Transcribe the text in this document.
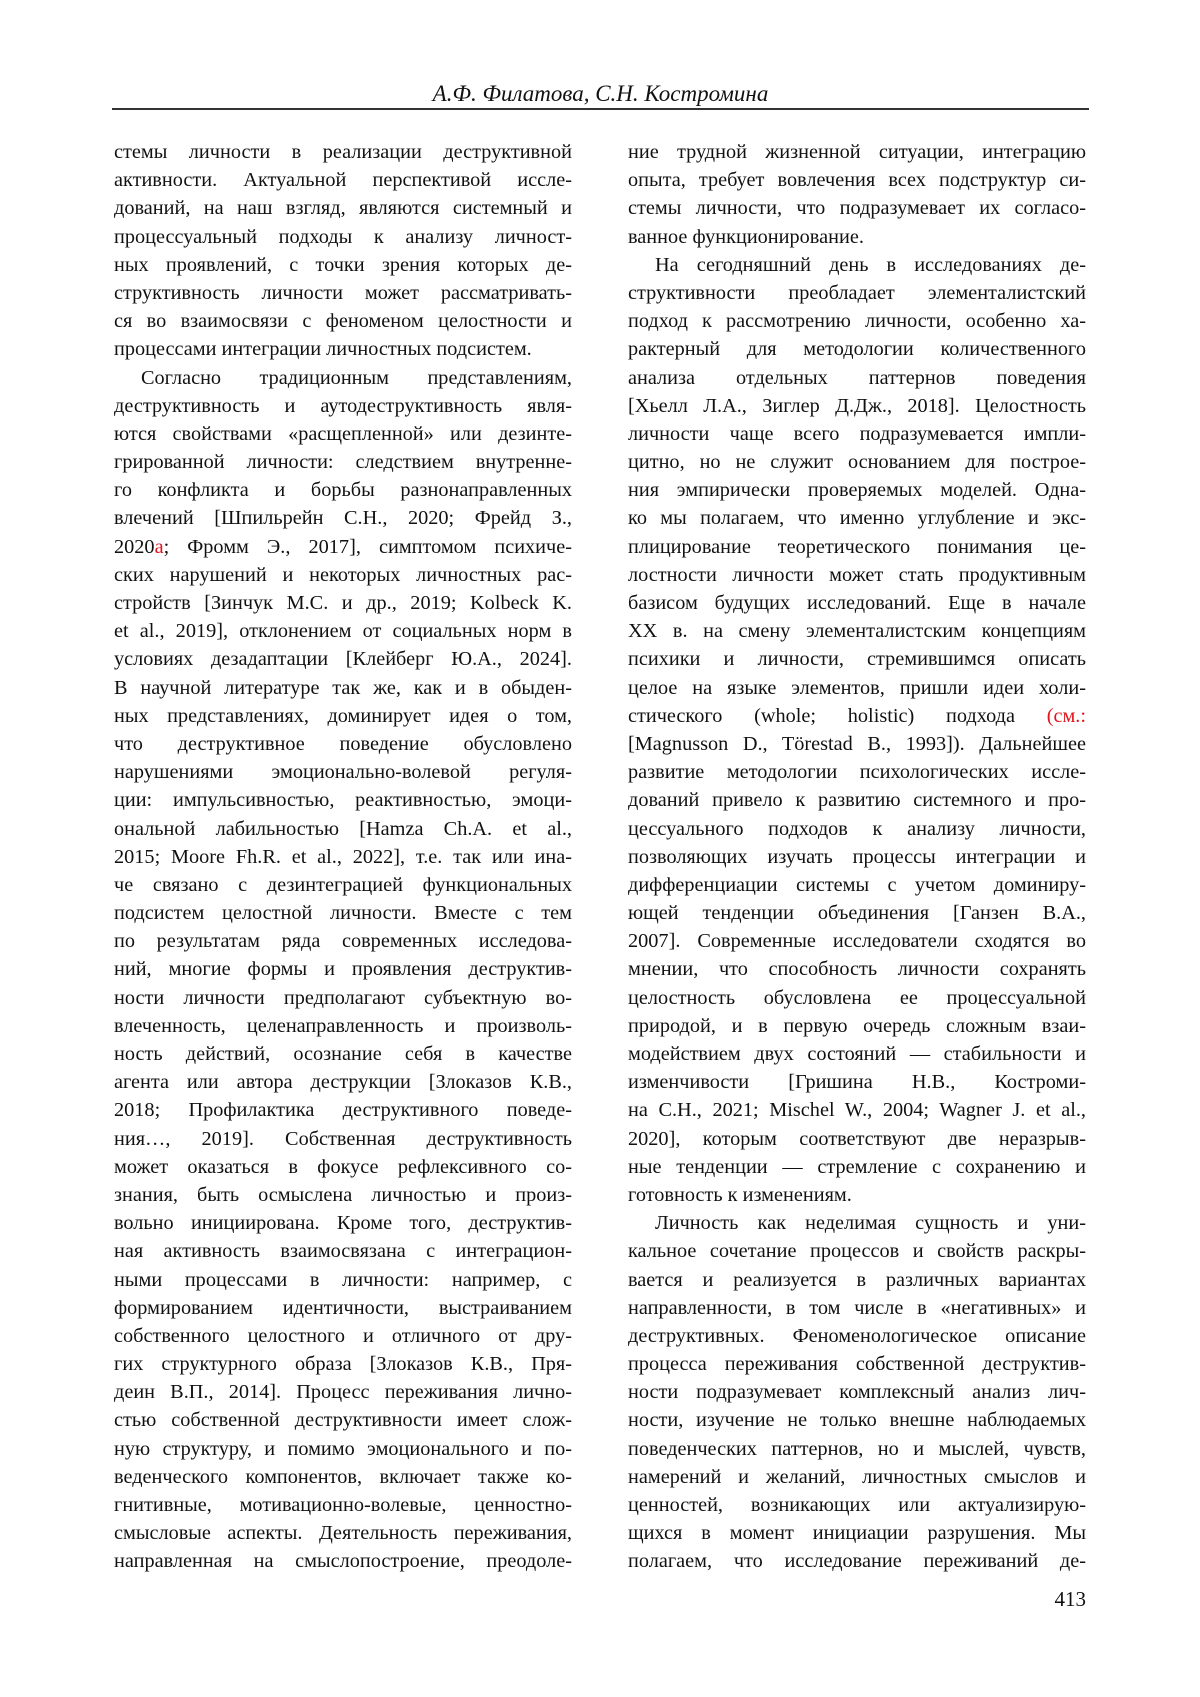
А.Ф. Филатова, С.Н. Костромина
стемы личности в реализации деструктивной
активности. Актуальной перспективой иссле-
дований, на наш взгляд, являются системный и
процессуальный подходы к анализу личност-
ных проявлений, с точки зрения которых де-
структивность личности может рассматривать-
ся во взаимосвязи с феноменом целостности и
процессами интеграции личностных подсистем.
Согласно традиционным представлениям,
деструктивность и аутодеструктивность явля-
ются свойствами «расщепленной» или дезинте-
грированной личности: следствием внутренне-
го конфликта и борьбы разнонаправленных
влечений [Шпильрейн С.Н., 2020; Фрейд З.,
2020а; Фромм Э., 2017], симптомом психиче-
ских нарушений и некоторых личностных рас-
стройств [Зинчук М.С. и др., 2019; Kolbeck K.
et al., 2019], отклонением от социальных норм в
условиях дезадаптации [Клейберг Ю.А., 2024].
В научной литературе так же, как и в обыден-
ных представлениях, доминирует идея о том,
что деструктивное поведение обусловлено
нарушениями эмоционально-волевой регуля-
ции: импульсивностью, реактивностью, эмоци-
ональной лабильностью [Hamza Ch.A. et al.,
2015; Moore Fh.R. et al., 2022], т.е. так или ина-
че связано с дезинтеграцией функциональных
подсистем целостной личности. Вместе с тем
по результатам ряда современных исследова-
ний, многие формы и проявления деструктив-
ности личности предполагают субъектную во-
влеченность, целенаправленность и произволь-
ность действий, осознание себя в качестве
агента или автора деструкции [Злоказов К.В.,
2018; Профилактика деструктивного поведе-
ния…, 2019]. Собственная деструктивность
может оказаться в фокусе рефлексивного со-
знания, быть осмыслена личностью и произ-
вольно инициирована. Кроме того, деструктив-
ная активность взаимосвязана с интеграцион-
ными процессами в личности: например, с
формированием идентичности, выстраиванием
собственного целостного и отличного от дру-
гих структурного образа [Злоказов К.В., Пря-
деин В.П., 2014]. Процесс переживания лично-
стью собственной деструктивности имеет слож-
ную структуру, и помимо эмоционального и по-
веденческого компонентов, включает также ко-
гнитивные, мотивационно-волевые, ценностно-
смысловые аспекты. Деятельность переживания,
направленная на смыслопостроение, преодоле-
ние трудной жизненной ситуации, интеграцию
опыта, требует вовлечения всех подструктур си-
стемы личности, что подразумевает их согласо-
ванное функционирование.
На сегодняшний день в исследованиях де-
структивности преобладает элементалистский
подход к рассмотрению личности, особенно ха-
рактерный для методологии количественного
анализа отдельных паттернов поведения
[Хьелл Л.А., Зиглер Д.Дж., 2018]. Целостность
личности чаще всего подразумевается импли-
цитно, но не служит основанием для построе-
ния эмпирически проверяемых моделей. Одна-
ко мы полагаем, что именно углубление и экс-
плицирование теоретического понимания це-
лостности личности может стать продуктивным
базисом будущих исследований. Еще в начале
XX в. на смену элементалистским концепциям
психики и личности, стремившимся описать
целое на языке элементов, пришли идеи холи-
стического (whole; holistic) подхода (см.:
[Magnusson D., Törestad B., 1993]). Дальнейшее
развитие методологии психологических иссле-
дований привело к развитию системного и про-
цессуального подходов к анализу личности,
позволяющих изучать процессы интеграции и
дифференциации системы с учетом доминиру-
ющей тенденции объединения [Ганзен В.А.,
2007]. Современные исследователи сходятся во
мнении, что способность личности сохранять
целостность обусловлена ее процессуальной
природой, и в первую очередь сложным взаи-
модействием двух состояний — стабильности и
изменчивости [Гришина Н.В., Костроми-
на С.Н., 2021; Mischel W., 2004; Wagner J. et al.,
2020], которым соответствуют две неразрыв-
ные тенденции — стремление с сохранению и
готовность к изменениям.
Личность как неделимая сущность и уни-
кальное сочетание процессов и свойств раскры-
вается и реализуется в различных вариантах
направленности, в том числе в «негативных» и
деструктивных. Феноменологическое описание
процесса переживания собственной деструктив-
ности подразумевает комплексный анализ лич-
ности, изучение не только внешне наблюдаемых
поведенческих паттернов, но и мыслей, чувств,
намерений и желаний, личностных смыслов и
ценностей, возникающих или актуализирую-
щихся в момент инициации разрушения. Мы
полагаем, что исследование переживаний де-
413
